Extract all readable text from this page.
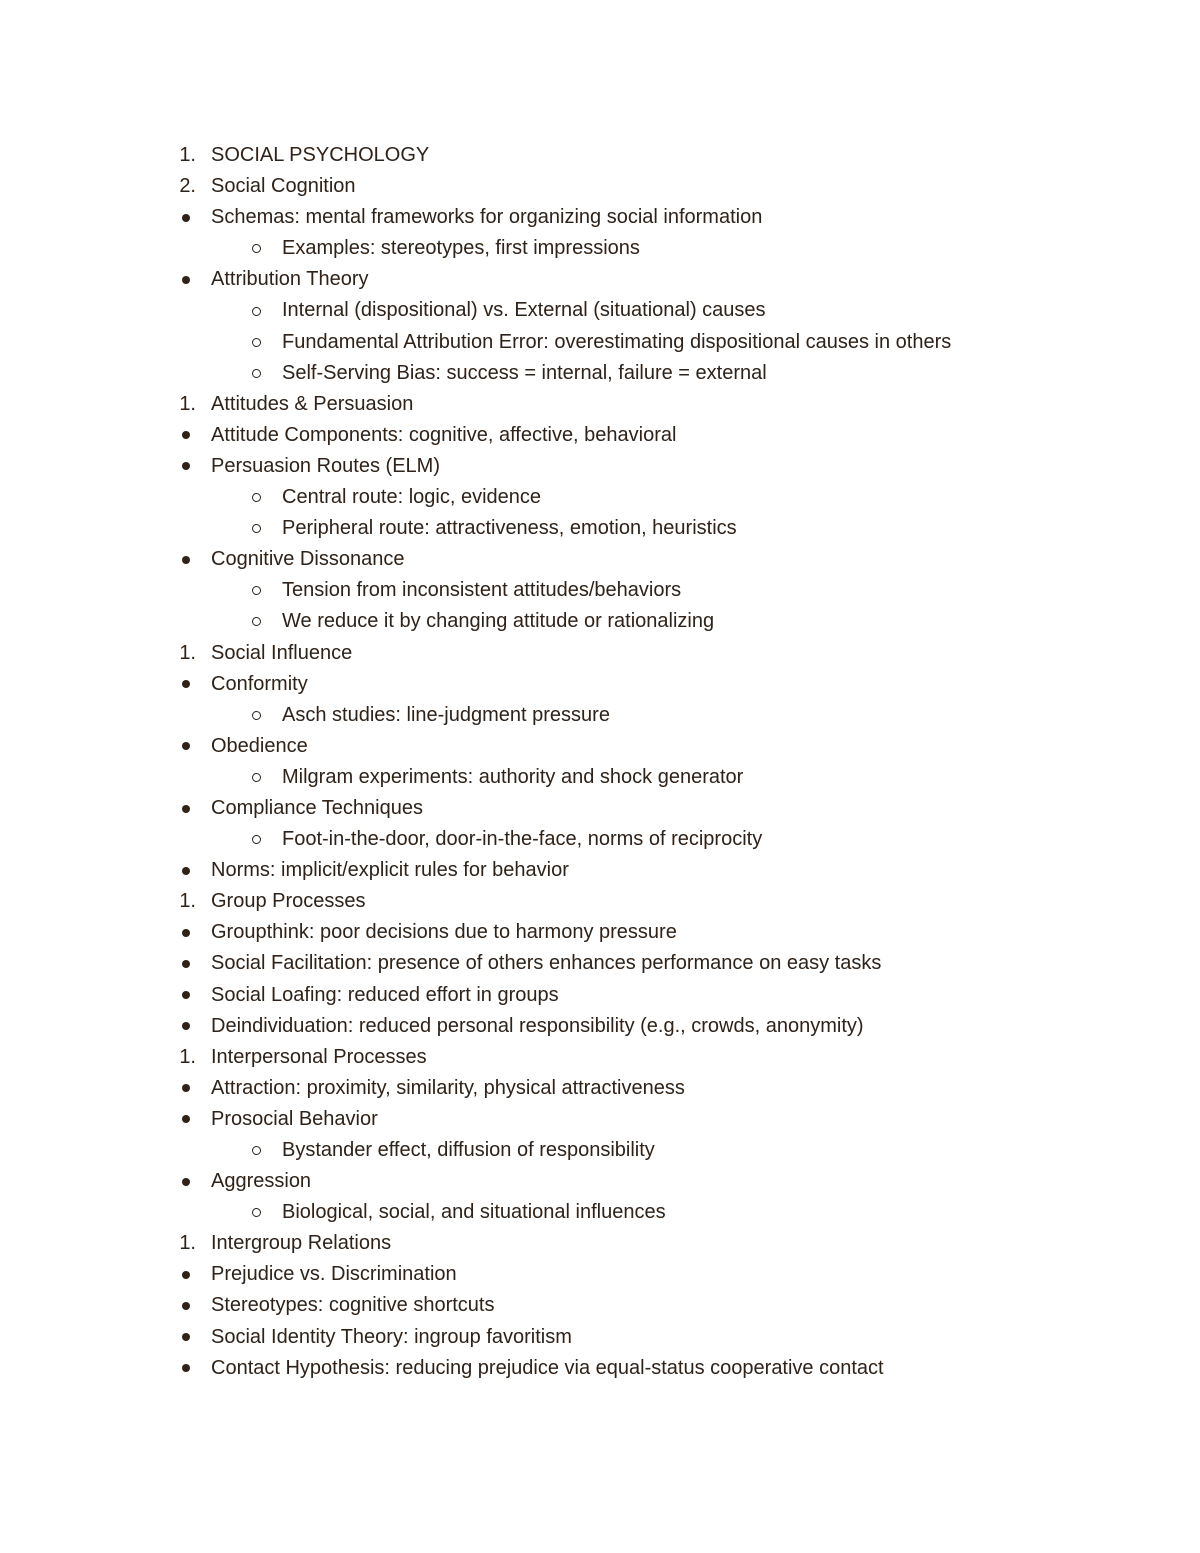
1. SOCIAL PSYCHOLOGY
2. Social Cognition
Schemas: mental frameworks for organizing social information
Examples: stereotypes, first impressions
Attribution Theory
Internal (dispositional) vs. External (situational) causes
Fundamental Attribution Error: overestimating dispositional causes in others
Self-Serving Bias: success = internal, failure = external
1. Attitudes & Persuasion
Attitude Components: cognitive, affective, behavioral
Persuasion Routes (ELM)
Central route: logic, evidence
Peripheral route: attractiveness, emotion, heuristics
Cognitive Dissonance
Tension from inconsistent attitudes/behaviors
We reduce it by changing attitude or rationalizing
1. Social Influence
Conformity
Asch studies: line-judgment pressure
Obedience
Milgram experiments: authority and shock generator
Compliance Techniques
Foot-in-the-door, door-in-the-face, norms of reciprocity
Norms: implicit/explicit rules for behavior
1. Group Processes
Groupthink: poor decisions due to harmony pressure
Social Facilitation: presence of others enhances performance on easy tasks
Social Loafing: reduced effort in groups
Deindividuation: reduced personal responsibility (e.g., crowds, anonymity)
1. Interpersonal Processes
Attraction: proximity, similarity, physical attractiveness
Prosocial Behavior
Bystander effect, diffusion of responsibility
Aggression
Biological, social, and situational influences
1. Intergroup Relations
Prejudice vs. Discrimination
Stereotypes: cognitive shortcuts
Social Identity Theory: ingroup favoritism
Contact Hypothesis: reducing prejudice via equal-status cooperative contact
